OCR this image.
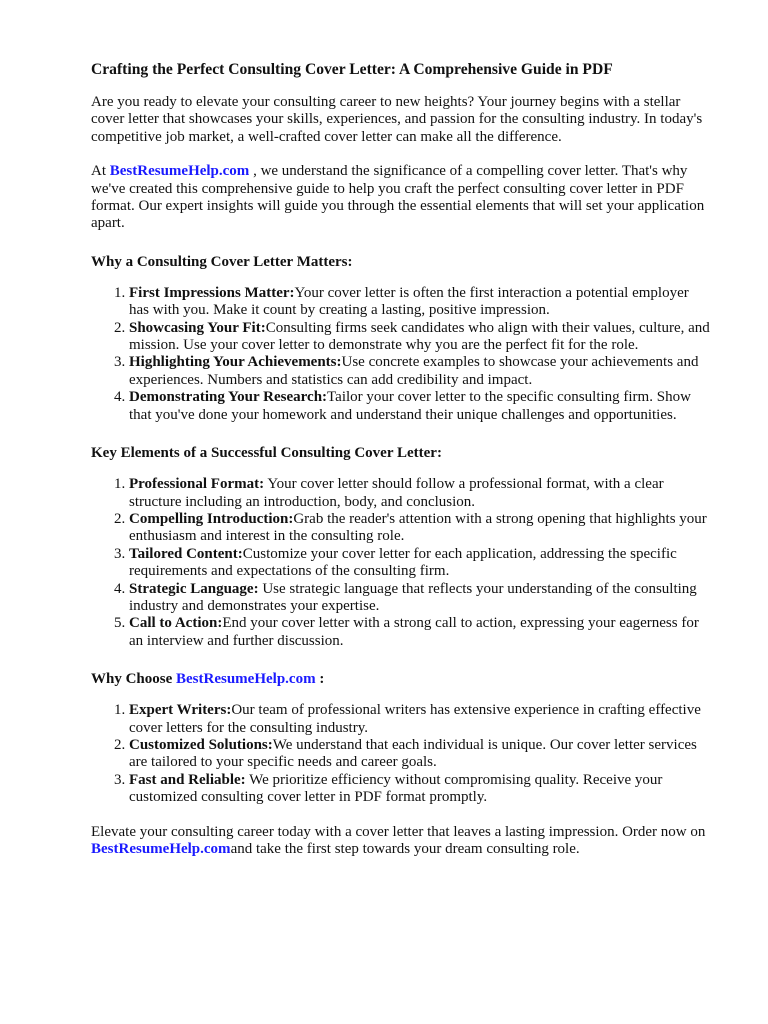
Crafting the Perfect Consulting Cover Letter: A Comprehensive Guide in PDF

Are you ready to elevate your consulting career to new heights? Your journey begins with a stellar cover letter that showcases your skills, experiences, and passion for the consulting industry. In today's competitive job market, a well-crafted cover letter can make all the difference.

At BestResumeHelp.com , we understand the significance of a compelling cover letter. That's why we've created this comprehensive guide to help you craft the perfect consulting cover letter in PDF format. Our expert insights will guide you through the essential elements that will set your application apart.

Why a Consulting Cover Letter Matters:
1. First Impressions Matter:Your cover letter is often the first interaction a potential employer has with you. Make it count by creating a lasting, positive impression.
2. Showcasing Your Fit:Consulting firms seek candidates who align with their values, culture, and mission. Use your cover letter to demonstrate why you are the perfect fit for the role.
3. Highlighting Your Achievements:Use concrete examples to showcase your achievements and experiences. Numbers and statistics can add credibility and impact.
4. Demonstrating Your Research:Tailor your cover letter to the specific consulting firm. Show that you've done your homework and understand their unique challenges and opportunities.
Key Elements of a Successful Consulting Cover Letter:
1. Professional Format: Your cover letter should follow a professional format, with a clear structure including an introduction, body, and conclusion.
2. Compelling Introduction:Grab the reader's attention with a strong opening that highlights your enthusiasm and interest in the consulting role.
3. Tailored Content:Customize your cover letter for each application, addressing the specific requirements and expectations of the consulting firm.
4. Strategic Language: Use strategic language that reflects your understanding of the consulting industry and demonstrates your expertise.
5. Call to Action:End your cover letter with a strong call to action, expressing your eagerness for an interview and further discussion.
Why Choose BestResumeHelp.com :
1. Expert Writers:Our team of professional writers has extensive experience in crafting effective cover letters for the consulting industry.
2. Customized Solutions:We understand that each individual is unique. Our cover letter services are tailored to your specific needs and career goals.
3. Fast and Reliable: We prioritize efficiency without compromising quality. Receive your customized consulting cover letter in PDF format promptly.

Elevate your consulting career today with a cover letter that leaves a lasting impression. Order now on BestResumeHelp.comand take the first step towards your dream consulting role.
